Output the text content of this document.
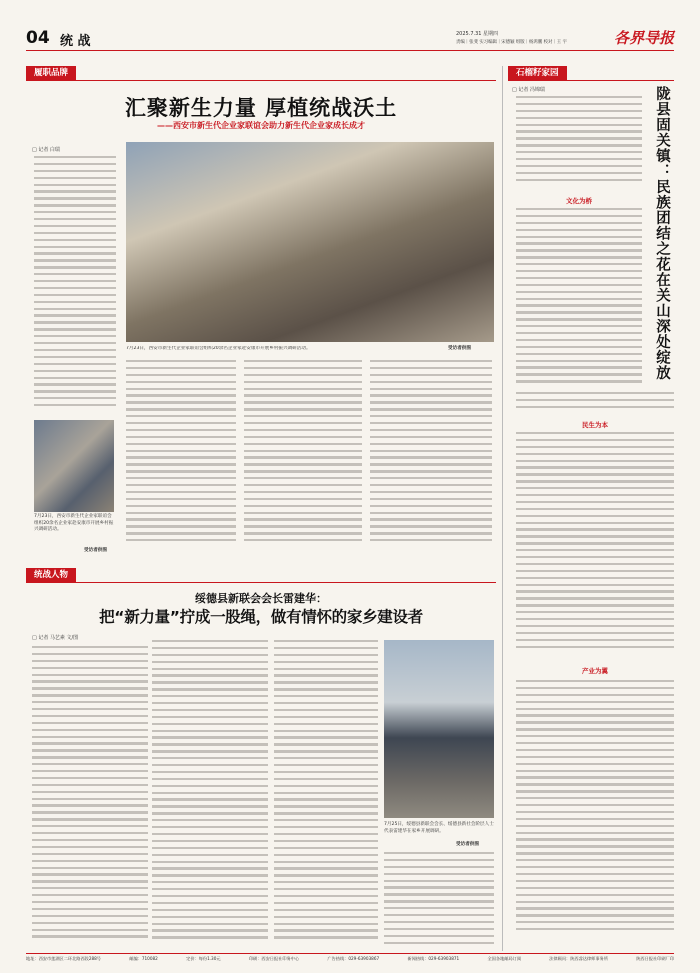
04 统 战	2025.7.31 星期四
责编｜张斐 实习编辑｜宋德颖 组版｜杨鸿鹏 校对｜王 宇	各界导报
履职品牌
汇聚新生力量 厚植统战沃土
——西安市新生代企业家联谊会助力新生代企业家成长成才
□ 记者 白瑞
7月23日，西安市新生代企业家联谊会组织20余名企业家赴安康市开展乡村振兴调研活动。
受访者供图
7月23日，西安市新生代企业家联谊会组织20余名企业家赴安康市开展乡村振兴调研活动。	受访者供图
统战人物
绥德县新联会会长雷建华：
把“新力量”拧成一股绳，做有情怀的家乡建设者
□ 记者 马艺素 文/图
7月25日，绥德县新联会会长、绥德县新社会阶层人士代表雷建华在家乡开展调研。
受访者供图
石榴籽家园
□ 记者 冯锦瑞	陇县固关镇：民族团结之花在关山深处绽放
文化为桥
民生为本
产业为翼
地址：西安市莲湖区二环北路西段288号	邮编：710082	定价：每份1.30元	印刷：西安日报社印务中心	广告热线：029-63903867	新闻热线：029-63903871	全国各地邮局订阅	法律顾问：陕西睿达律师事务所	陕西日报社印刷厂印
